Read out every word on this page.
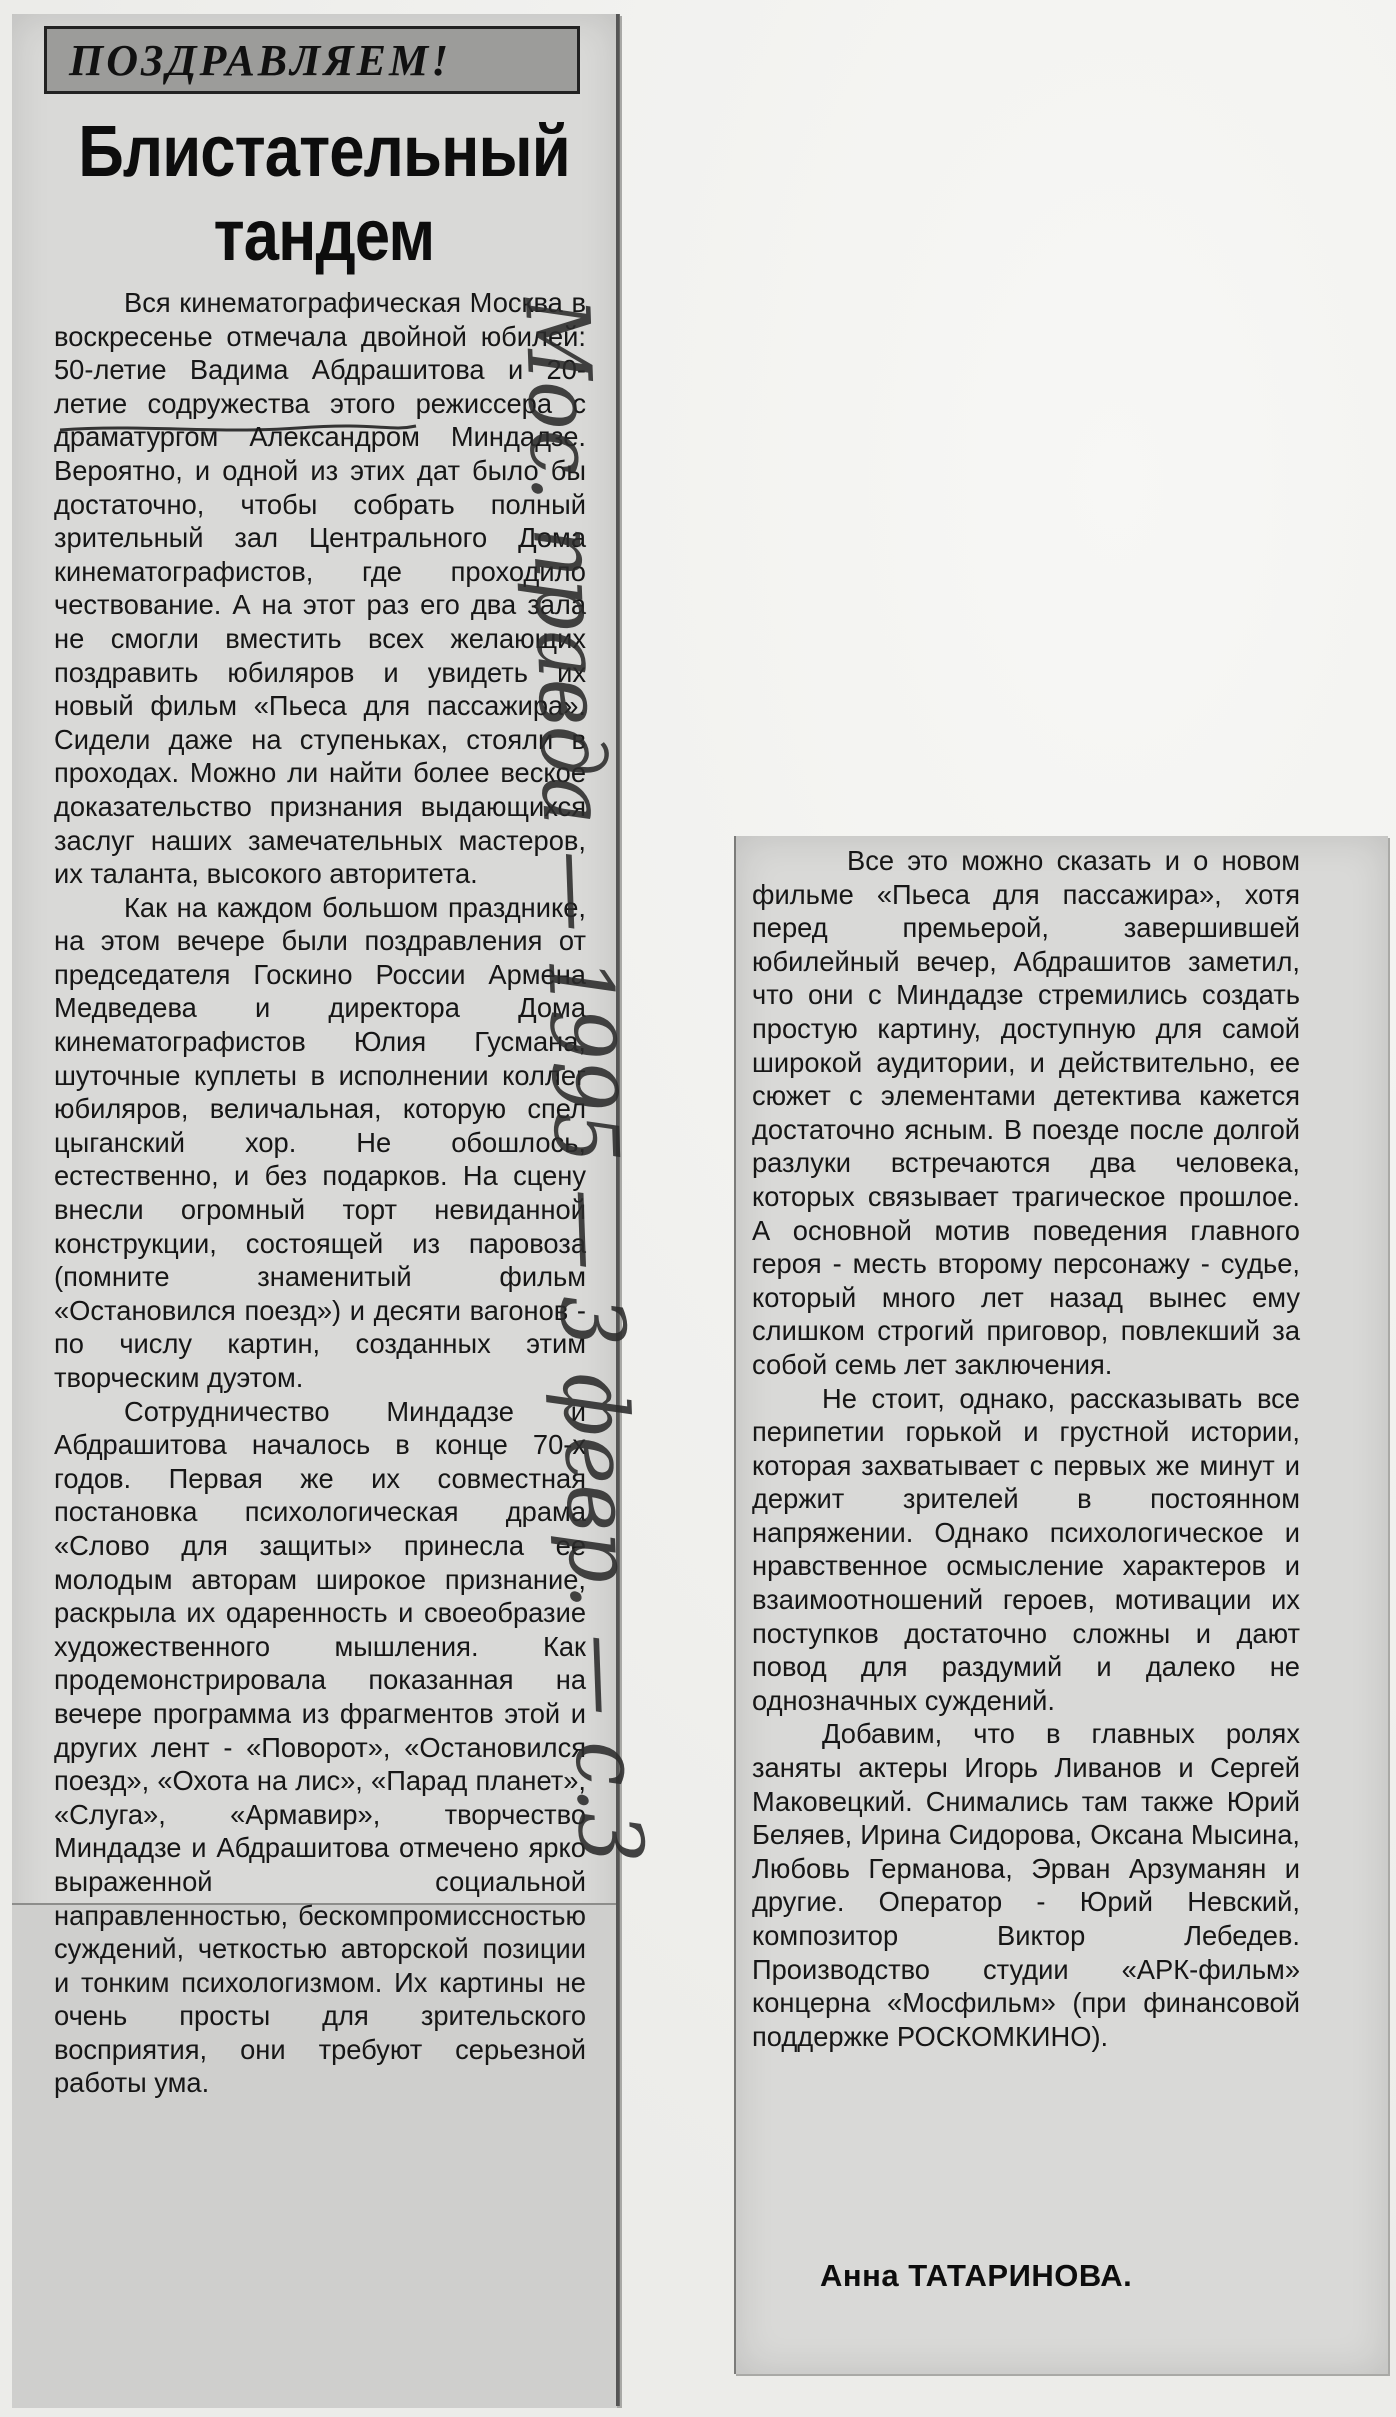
ПОЗДРАВЛЯЕМ!
Блистательный
тандем

Вся кинематографическая Москва в воскресенье отмечала двойной юбилей: 50-летие Вадима Абдрашитова и 20-летие содружества этого режиссера с драматургом Александром Миндадзе. Вероятно, и одной из этих дат было бы достаточно, чтобы собрать полный зрительный зал Центрального Дома кинематографистов, где проходило чествование. А на этот раз его два зала не смогли вместить всех желающих поздравить юбиляров и увидеть их новый фильм «Пьеса для пассажира». Сидели даже на ступеньках, стояли в проходах. Можно ли найти более веское доказательство признания выдающихся заслуг наших замечательных мастеров, их таланта, высокого авторитета.

Как на каждом большом празднике, на этом вечере были поздравления от председателя Госкино России Армена Медведева и директора Дома кинематографистов Юлия Гусмана, шуточные куплеты в исполнении коллег юбиляров, величальная, которую спел цыганский хор. Не обошлось, естественно, и без подарков. На сцену внесли огромный торт невиданной конструкции, состоящей из паровоза (помните знаменитый фильм «Остановился поезд») и десяти вагонов - по числу картин, созданных этим творческим дуэтом.

Сотрудничество Миндадзе и Абдрашитова началось в конце 70-х годов. Первая же их совместная постановка психологическая драма «Слово для защиты» принесла ее молодым авторам широкое признание, раскрыла их одаренность и своеобразие художественного мышления. Как продемонстрировала показанная на вечере программа из фрагментов этой и других лент - «Поворот», «Остановился поезд», «Охота на лис», «Парад планет», «Слуга», «Армавир», творчество Миндадзе и Абдрашитова отмечено ярко выраженной социальной направленностью, бескомпромиссностью суждений, четкостью авторской позиции и тонким психологизмом. Их картины не очень просты для зрительского восприятия, они требуют серьезной работы ума.

Мос. правда — 1995 — 3 февр. — с.3	Все это можно сказать и о новом фильме «Пьеса для пассажира», хотя перед премьерой, завершившей юбилейный вечер, Абдрашитов заметил, что они с Миндадзе стремились создать простую картину, доступную для самой широкой аудитории, и действительно, ее сюжет с элементами детектива кажется достаточно ясным. В поезде после долгой разлуки встречаются два человека, которых связывает трагическое прошлое. А основной мотив поведения главного героя - месть второму персонажу - судье, который много лет назад вынес ему слишком строгий приговор, повлекший за собой семь лет заключения.

Не стоит, однако, рассказывать все перипетии горькой и грустной истории, которая захватывает с первых же минут и держит зрителей в постоянном напряжении. Однако психологическое и нравственное осмысление характеров и взаимоотношений героев, мотивации их поступков достаточно сложны и дают повод для раздумий и далеко не однозначных суждений.

Добавим, что в главных ролях заняты актеры Игорь Ливанов и Сергей Маковецкий. Снимались там также Юрий Беляев, Ирина Сидорова, Оксана Мысина, Любовь Германова, Эрван Арзуманян и другие. Оператор - Юрий Невский, композитор Виктор Лебедев. Производство студии «АРК-фильм» концерна «Мосфильм» (при финансовой поддержке РОСКОМКИНО).

Анна ТАТАРИНОВА.
